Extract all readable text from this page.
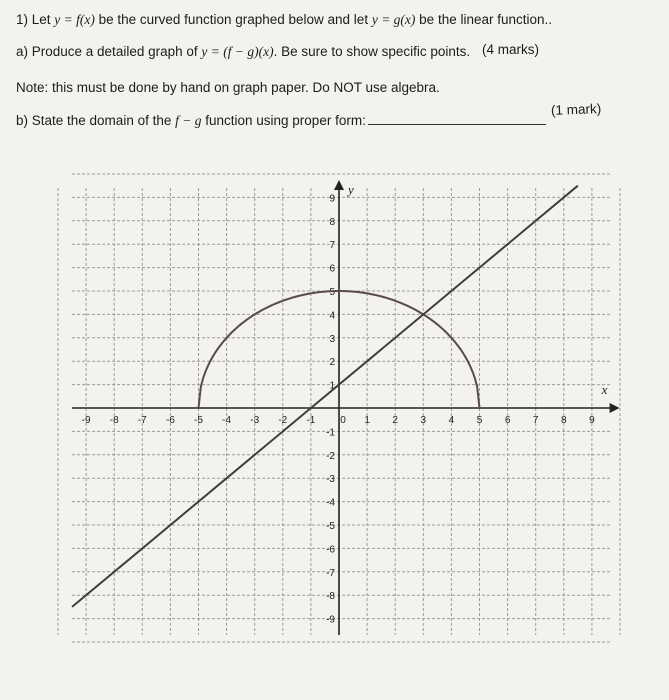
1) Let y = f(x) be the curved function graphed below and let y = g(x) be the linear function..
a) Produce a detailed graph of y = (f − g)(x). Be sure to show specific points. (4 marks)
Note: this must be done by hand on graph paper. Do NOT use algebra.
b) State the domain of the f − g function using proper form:
(1 mark)
x
y
-9 -8 -7 -6 -5 -4 -3 -2 -1 0 1 2 3 4 5 6 7 8 9
9
8
7
6
5
4
3
2
1
-1
-2
-3
-4
-5
-6
-7
-8
-9
